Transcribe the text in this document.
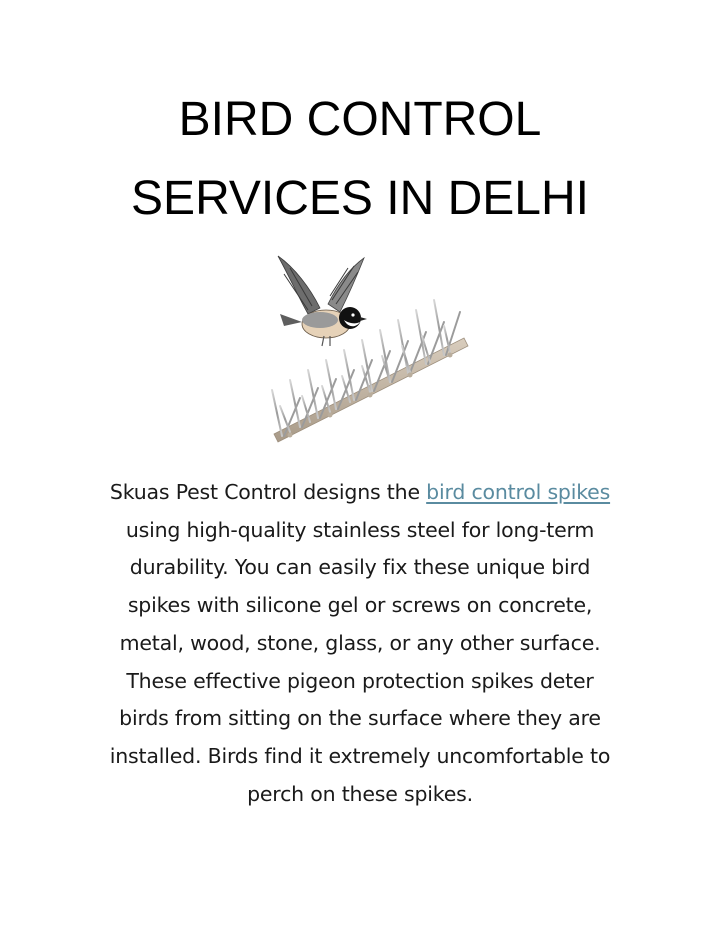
BIRD CONTROL
SERVICES IN DELHI

Skuas Pest Control designs the bird control spikes using high-quality stainless steel for long-term durability. You can easily fix these unique bird spikes with silicone gel or screws on concrete, metal, wood, stone, glass, or any other surface. These effective pigeon protection spikes deter birds from sitting on the surface where they are installed. Birds find it extremely uncomfortable to perch on these spikes.
